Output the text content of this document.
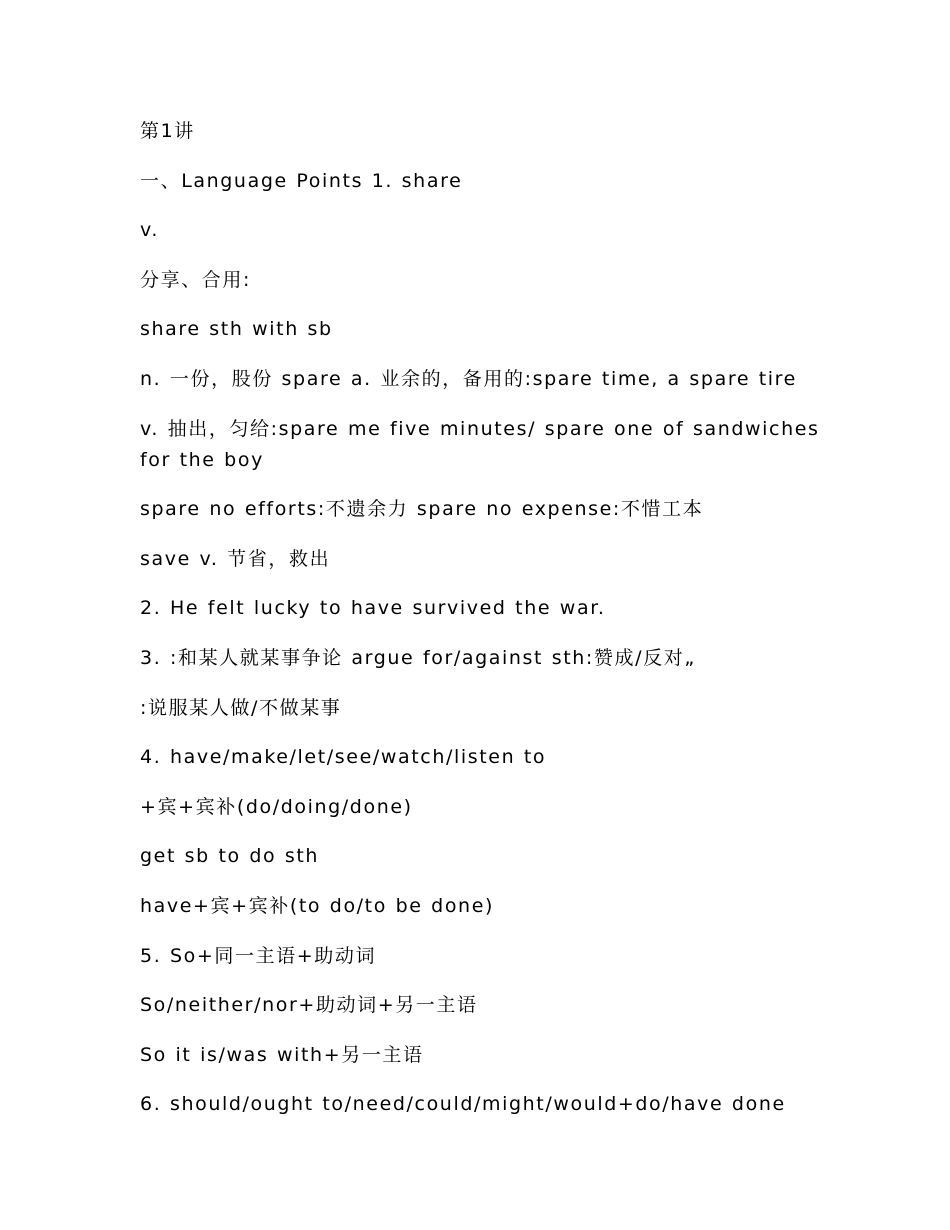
第1讲

一、Language Points 1. share

v.

分享、合用:

share sth with sb

n. 一份，股份 spare a. 业余的，备用的:spare time, a spare tire

v. 抽出，匀给:spare me five minutes/ spare one of sandwiches for the boy

spare no efforts:不遗余力 spare no expense:不惜工本

save v. 节省，救出

2. He felt lucky to have survived the war.

3. :和某人就某事争论 argue for/against sth:赞成/反对„

:说服某人做/不做某事

4. have/make/let/see/watch/listen to

+宾+宾补(do/doing/done)

get sb to do sth

have+宾+宾补(to do/to be done)

5. So+同一主语+助动词

So/neither/nor+助动词+另一主语

So it is/was with+另一主语

6. should/ought to/need/could/might/would+do/have done
